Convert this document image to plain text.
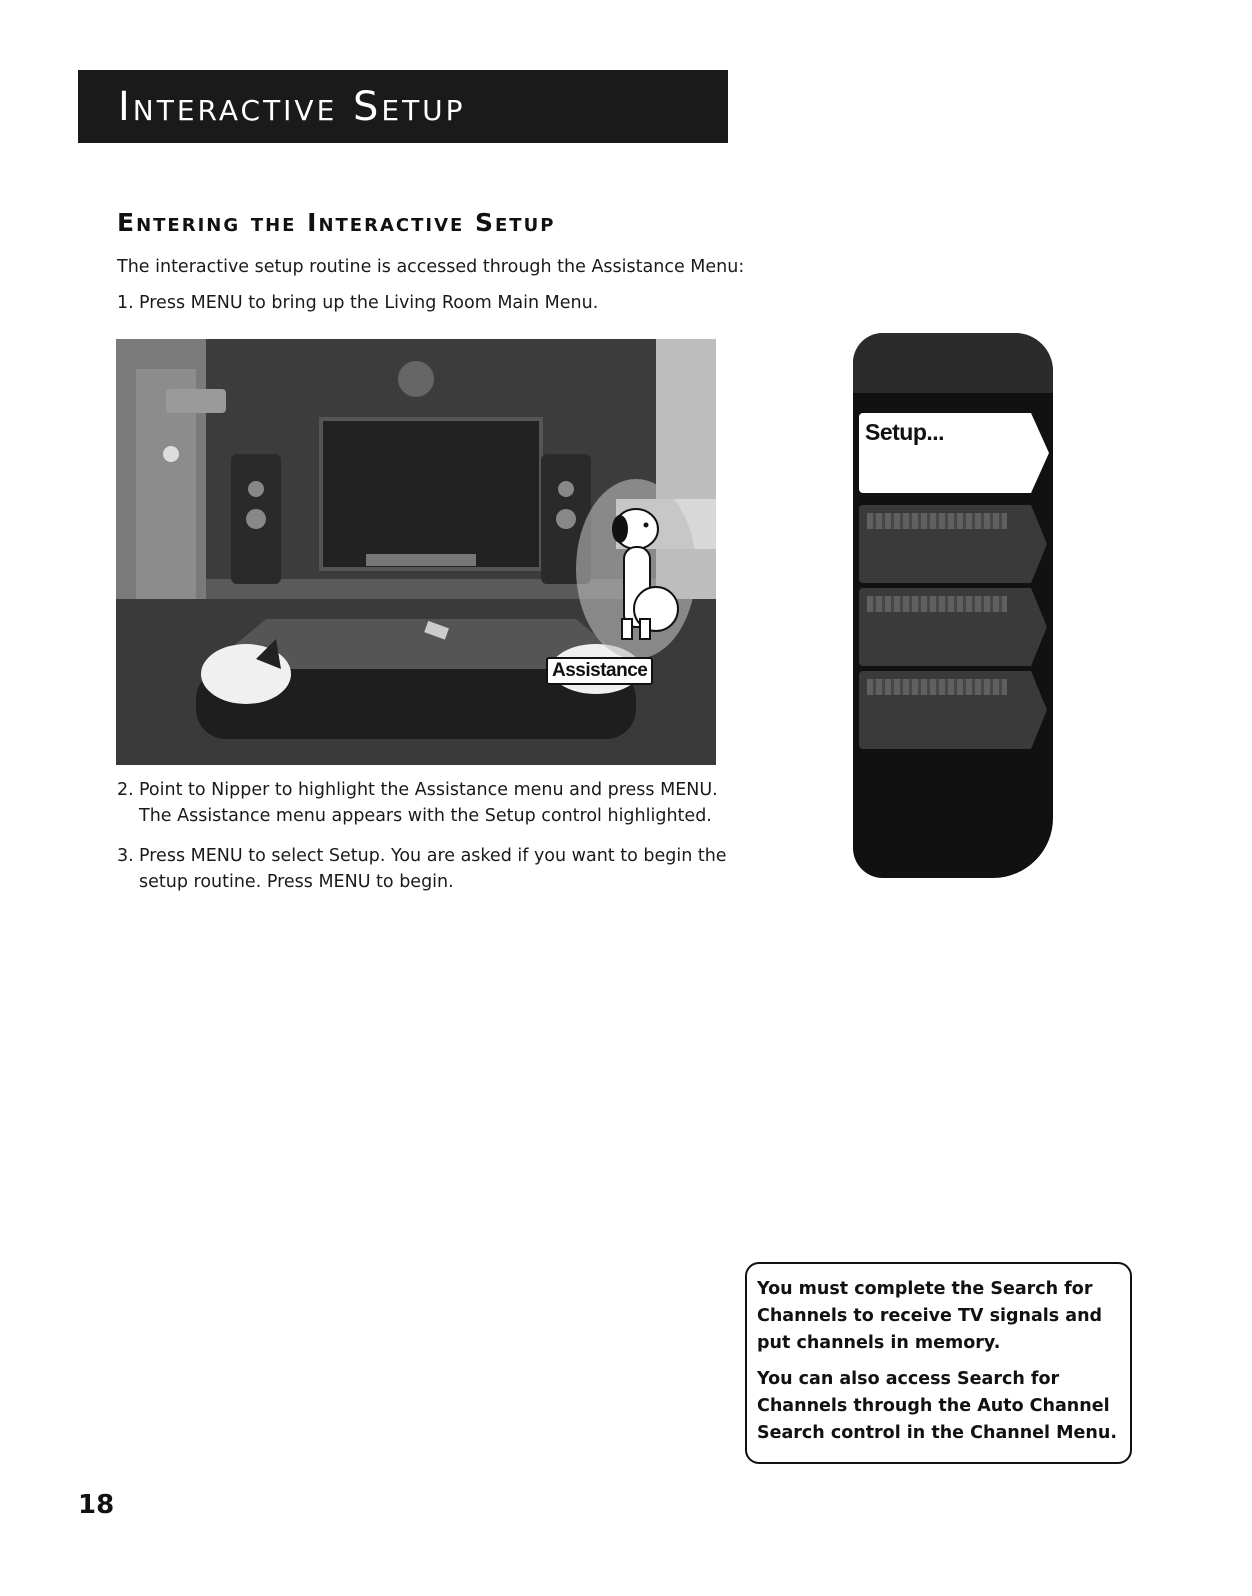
Interactive Setup
Entering the Interactive Setup
The interactive setup routine is accessed through the Assistance Menu:
1. Press MENU to bring up the Living Room Main Menu.
Assistance
2. Point to Nipper to highlight the Assistance menu and press MENU. The Assistance menu appears with the Setup control highlighted.
3. Press MENU to select Setup. You are asked if you want to begin the setup routine. Press MENU to begin.
Setup...
You must complete the Search for Channels to receive TV signals and put channels in memory.
You can also access Search for Channels through the Auto Channel Search control in the Channel Menu.
18
